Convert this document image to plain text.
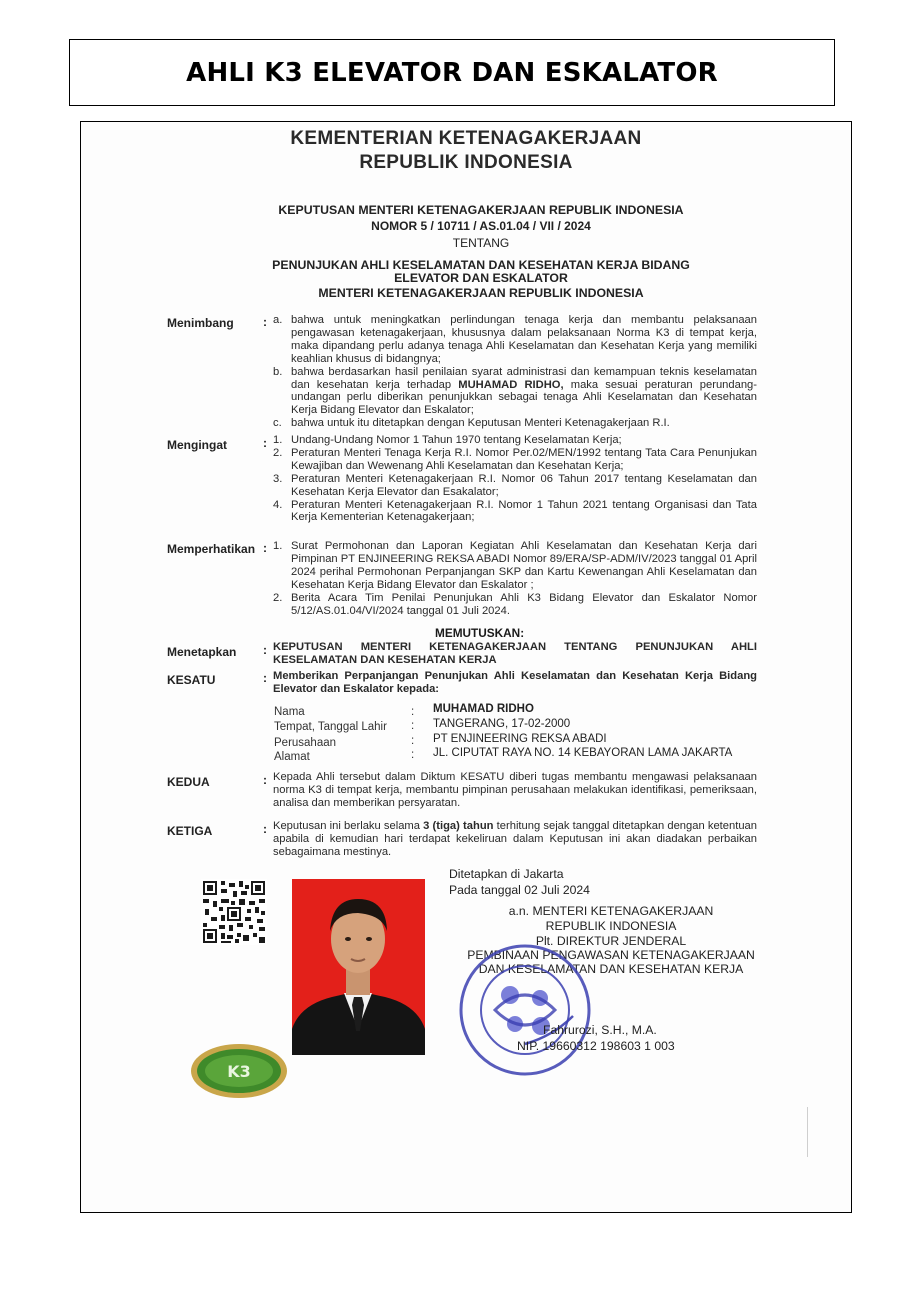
AHLI K3 ELEVATOR DAN ESKALATOR
KEMENTERIAN KETENAGAKERJAAN
REPUBLIK INDONESIA
KEPUTUSAN MENTERI KETENAGAKERJAAN REPUBLIK INDONESIA
NOMOR 5 / 10711 / AS.01.04 / VII / 2024
TENTANG
PENUNJUKAN AHLI KESELAMATAN DAN KESEHATAN KERJA BIDANG
ELEVATOR DAN ESKALATOR
MENTERI KETENAGAKERJAAN REPUBLIK INDONESIA
Menimbang : a. bahwa untuk meningkatkan perlindungan tenaga kerja dan membantu pelaksanaan pengawasan ketenagakerjaan, khususnya dalam pelaksanaan Norma K3 di tempat kerja, maka dipandang perlu adanya tenaga Ahli Keselamatan dan Kesehatan Kerja yang memiliki keahlian khusus di bidangnya;
b. bahwa berdasarkan hasil penilaian syarat administrasi dan kemampuan teknis keselamatan dan kesehatan kerja terhadap MUHAMAD RIDHO, maka sesuai peraturan perundang-undangan perlu diberikan penunjukkan sebagai tenaga Ahli Keselamatan dan Kesehatan Kerja Bidang Elevator dan Eskalator;
c. bahwa untuk itu ditetapkan dengan Keputusan Menteri Ketenagakerjaan R.I.
Mengingat	: 1. Undang-Undang Nomor 1 Tahun 1970 tentang Keselamatan Kerja;
2. Peraturan Menteri Tenaga Kerja R.I. Nomor Per.02/MEN/1992 tentang Tata Cara Penunjukan Kewajiban dan Wewenang Ahli Keselamatan dan Kesehatan Kerja;
3. Peraturan Menteri Ketenagakerjaan R.I. Nomor 06 Tahun 2017 tentang Keselamatan dan Kesehatan Kerja Elevator dan Esakalator;
4. Peraturan Menteri Ketenagakerjaan R.I. Nomor 1 Tahun 2021 tentang Organisasi dan Tata Kerja Kementerian Ketenagakerjaan;
Memperhatikan : 1. Surat Permohonan dan Laporan Kegiatan Ahli Keselamatan dan Kesehatan Kerja dari Pimpinan PT ENJINEERING REKSA ABADI Nomor 89/ERA/SP-ADM/IV/2023 tanggal 01 April 2024 perihal Permohonan Perpanjangan SKP dan Kartu Kewenangan Ahli Keselamatan dan Kesehatan Kerja Bidang Elevator dan Eskalator ;
2. Berita Acara Tim Penilai Penunjukan Ahli K3 Bidang Elevator dan Eskalator Nomor 5/12/AS.01.04/VI/2024 tanggal 01 Juli 2024.
MEMUTUSKAN:
Menetapkan : KEPUTUSAN MENTERI KETENAGAKERJAAN TENTANG PENUNJUKAN AHLI KESELAMATAN DAN KESEHATAN KERJA
KESATU	: Memberikan Perpanjangan Penunjukan Ahli Keselamatan dan Kesehatan Kerja Bidang Elevator dan Eskalator kepada:
Nama	: MUHAMAD RIDHO
Tempat, Tanggal Lahir : TANGERANG, 17-02-2000
Perusahaan	: PT ENJINEERING REKSA ABADI
Alamat	: JL. CIPUTAT RAYA NO. 14 KEBAYORAN LAMA JAKARTA
KEDUA	: Kepada Ahli tersebut dalam Diktum KESATU diberi tugas membantu mengawasi pelaksanaan norma K3 di tempat kerja, membantu pimpinan perusahaan melakukan identifikasi, pemeriksaan, analisa dan memberikan persyaratan.
KETIGA	: Keputusan ini berlaku selama 3 (tiga) tahun terhitung sejak tanggal ditetapkan dengan ketentuan apabila di kemudian hari terdapat kekeliruan dalam Keputusan ini akan diadakan perbaikan sebagaimana mestinya.
Ditetapkan di Jakarta
Pada tanggal 02 Juli 2024
a.n. MENTERI KETENAGAKERJAAN
REPUBLIK INDONESIA
Plt. DIREKTUR JENDERAL
PEMBINAAN PENGAWASAN KETENAGAKERJAAN
DAN KESELAMATAN DAN KESEHATAN KERJA
Fahrurozi, S.H., M.A.
NIP. 19660312 198603 1 003
K3
